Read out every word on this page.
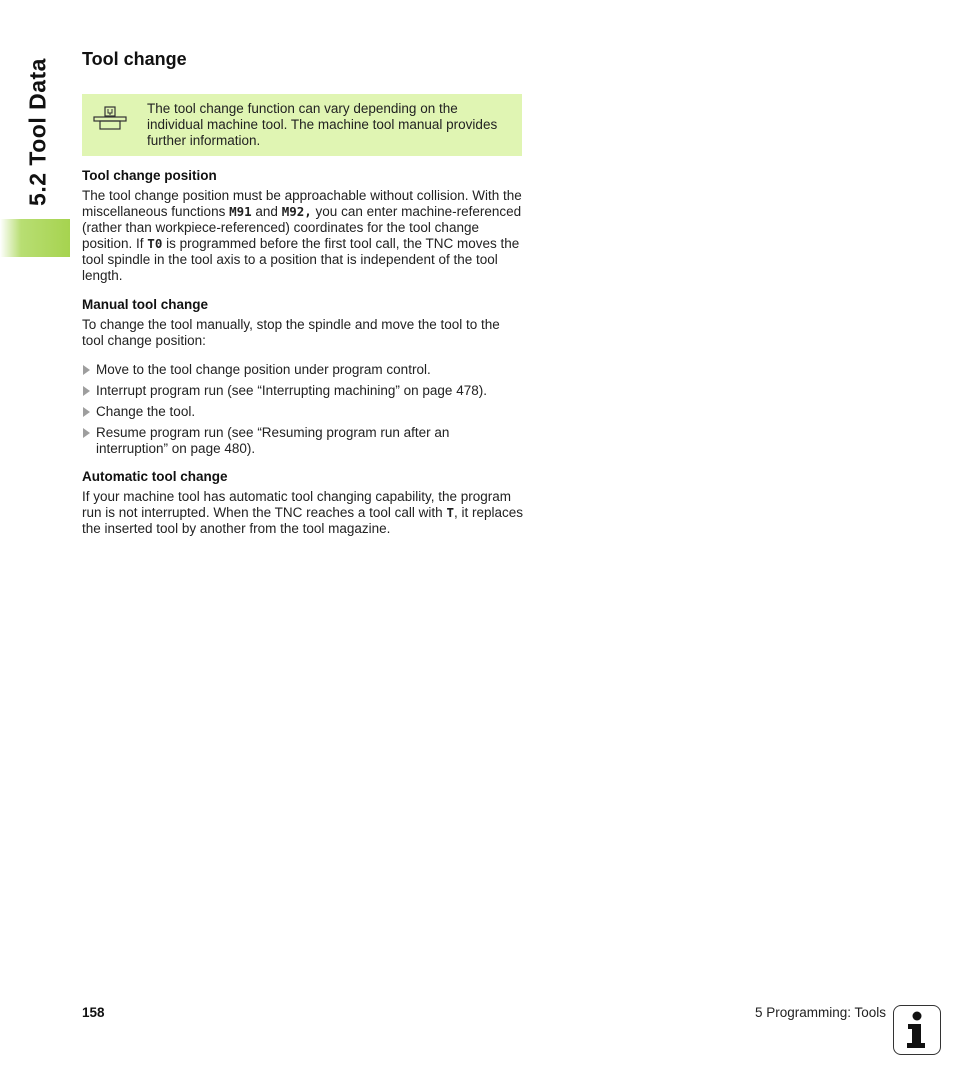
5.2 Tool Data Tool change
The tool change function can vary depending on the individual machine tool. The machine tool manual provides further information.
Tool change position

The tool change position must be approachable without collision. With the miscellaneous functions M91 and M92, you can enter machine-referenced (rather than workpiece-referenced) coordinates for the tool change position. If T0 is programmed before the first tool call, the TNC moves the tool spindle in the tool axis to a position that is independent of the tool length.

Manual tool change

To change the tool manually, stop the spindle and move the tool to the tool change position:

Move to the tool change position under program control.
Interrupt program run (see “Interrupting machining” on page 478).
Change the tool.
Resume program run (see “Resuming program run after an interruption” on page 480).
Automatic tool change

If your machine tool has automatic tool changing capability, the program run is not interrupted. When the TNC reaches a tool call with T, it replaces the inserted tool by another from the tool magazine.

158	5 Programming: Tools
